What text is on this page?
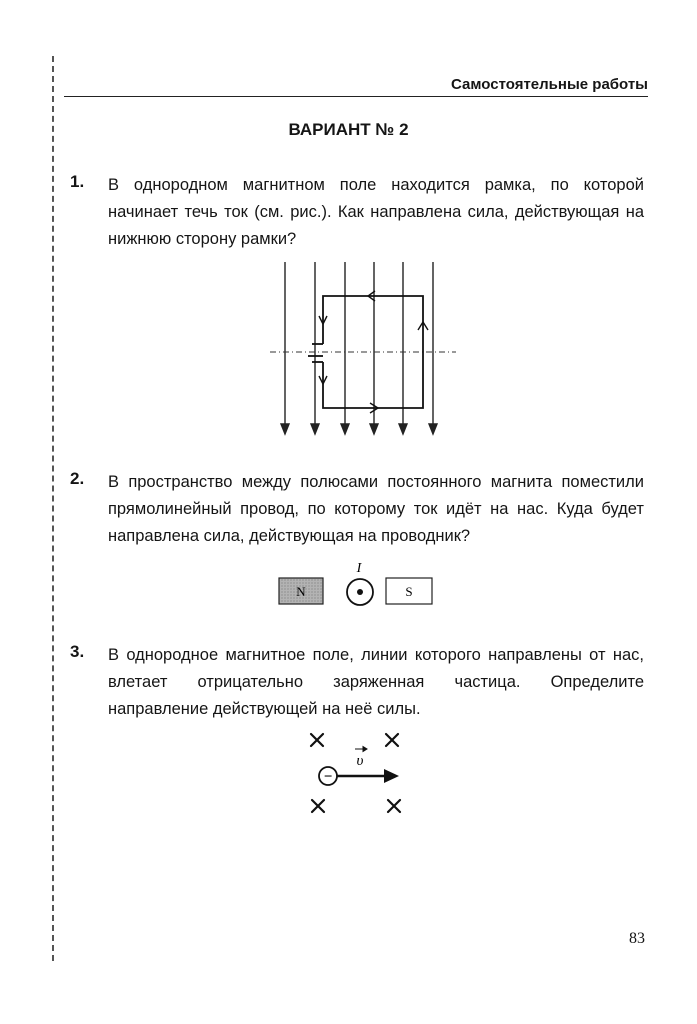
Самостоятельные работы
ВАРИАНТ № 2
1. В однородном магнитном поле находится рамка, по которой начинает течь ток (см. рис.). Как направлена сила, действующая на нижнюю сторону рамки?
2. В пространство между полюсами постоянного магнита поместили прямолинейный провод, по которому ток идёт на нас. Куда будет направлена сила, действующая на проводник?
N
I
S
3. В однородное магнитное поле, линии которого направлены от нас, влетает отрицательно заряженная частица. Определите направление действующей на неё силы.
−
υ
83
